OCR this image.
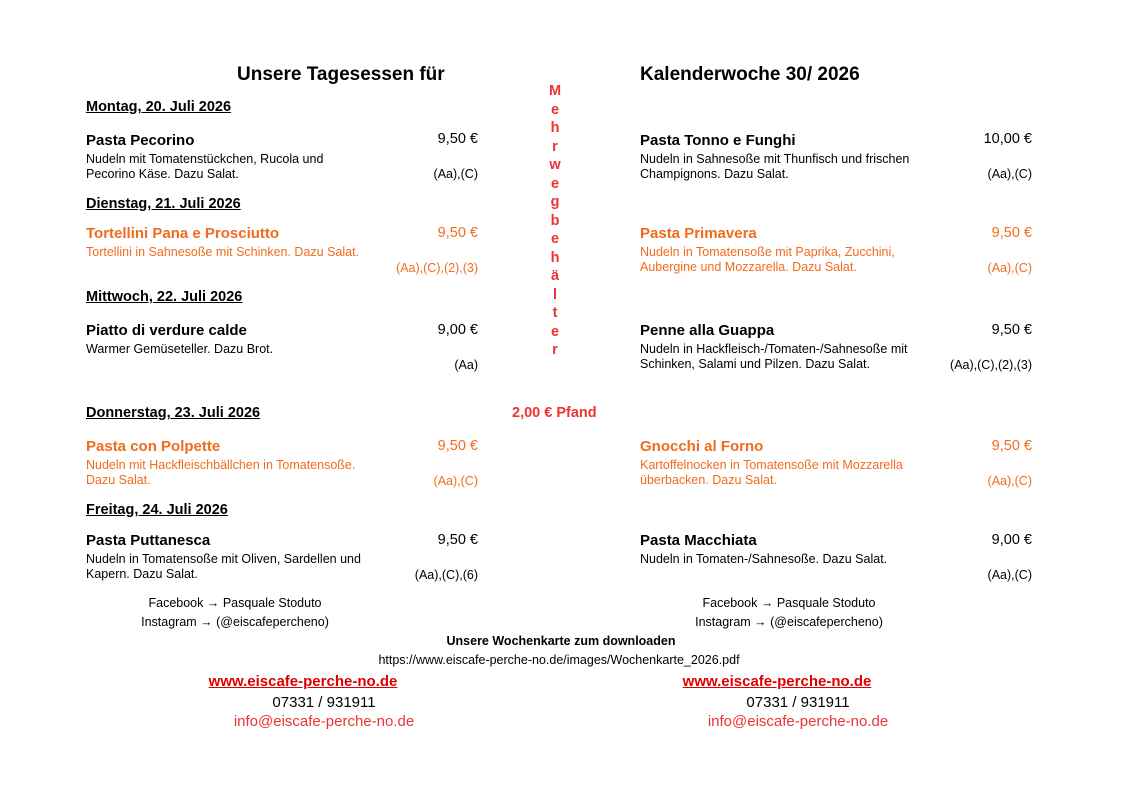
Unsere Tagesessen für	Kalenderwoche 30/ 2026
M
e
h
r
w
e
g
b
e
h
ä
l
t
e
r
2,00 € Pfand
Montag, 20. Juli 2026
Pasta Pecorino	9,50 €
Nudeln mit Tomatenstückchen, Rucola und
Pecorino Käse. Dazu Salat.	(Aa),(C)
Pasta Tonno e Funghi	10,00 €
Nudeln in Sahnesoße mit Thunfisch und frischen
Champignons. Dazu Salat.	(Aa),(C)
Dienstag, 21. Juli 2026
Tortellini Pana e Prosciutto	9,50 €
Tortellini in Sahnesoße mit Schinken. Dazu Salat.
(Aa),(C),(2),(3)
Pasta Primavera	9,50 €
Nudeln in Tomatensoße mit Paprika, Zucchini,
Aubergine und Mozzarella. Dazu Salat.	(Aa),(C)
Mittwoch, 22. Juli 2026
Piatto di verdure calde	9,00 €
Warmer Gemüseteller. Dazu Brot.
(Aa)
Penne alla Guappa	9,50 €
Nudeln in Hackfleisch-/Tomaten-/Sahnesoße mit
Schinken, Salami und Pilzen. Dazu Salat.	(Aa),(C),(2),(3)
Donnerstag, 23. Juli 2026
Pasta con Polpette	9,50 €
Nudeln mit Hackfleischbällchen in Tomatensoße.
Dazu Salat.	(Aa),(C)
Gnocchi al Forno	9,50 €
Kartoffelnocken in Tomatensoße mit Mozzarella
überbacken. Dazu Salat.	(Aa),(C)
Freitag, 24. Juli 2026
Pasta Puttanesca	9,50 €
Nudeln in Tomatensoße mit Oliven, Sardellen und
Kapern. Dazu Salat.	(Aa),(C),(6)
Pasta Macchiata	9,00 €
Nudeln in Tomaten-/Sahnesoße. Dazu Salat.
(Aa),(C)
Facebook → Pasquale Stoduto
Instagram → (@eiscafepercheno)
Facebook → Pasquale Stoduto
Instagram → (@eiscafepercheno)
Unsere Wochenkarte zum downloaden
https://www.eiscafe-perche-no.de/images/Wochenkarte_2026.pdf
www.eiscafe-perche-no.de
07331 / 931911
info@eiscafe-perche-no.de
www.eiscafe-perche-no.de
07331 / 931911
info@eiscafe-perche-no.de
